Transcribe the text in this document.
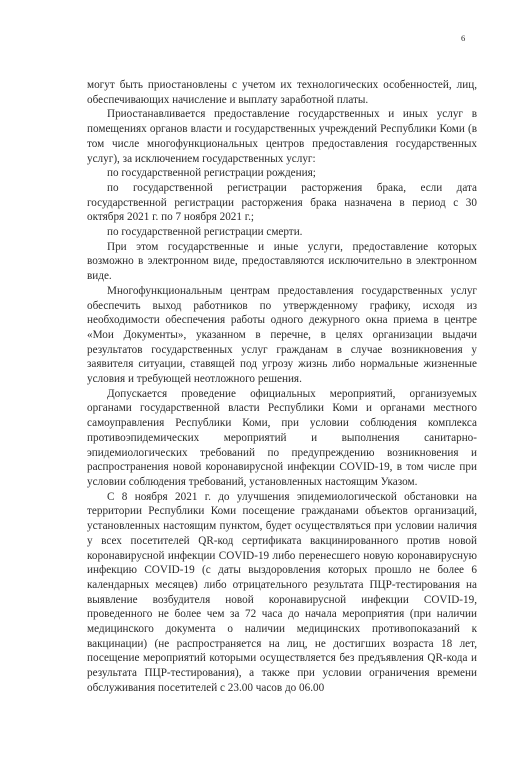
6

могут быть приостановлены с учетом их технологических особенностей, лиц, обеспечивающих начисление и выплату заработной платы.

Приостанавливается предоставление государственных и иных услуг в помещениях органов власти и государственных учреждений Республики Коми (в том числе многофункциональных центров предоставления государственных услуг), за исключением государственных услуг:

по государственной регистрации рождения;

по государственной регистрации расторжения брака, если дата государственной регистрации расторжения брака назначена в период с 30 октября 2021 г. по 7 ноября 2021 г.;

по государственной регистрации смерти.

При этом государственные и иные услуги, предоставление которых возможно в электронном виде, предоставляются исключительно в электронном виде.

Многофункциональным центрам предоставления государственных услуг обеспечить выход работников по утвержденному графику, исходя из необходимости обеспечения работы одного дежурного окна приема в центре «Мои Документы», указанном в перечне, в целях организации выдачи результатов государственных услуг гражданам в случае возникновения у заявителя ситуации, ставящей под угрозу жизнь либо нормальные жизненные условия и требующей неотложного решения.

Допускается проведение официальных мероприятий, организуемых органами государственной власти Республики Коми и органами местного самоуправления Республики Коми, при условии соблюдения комплекса противоэпидемических мероприятий и выполнения санитарно-эпидемиологических требований по предупреждению возникновения и распространения новой коронавирусной инфекции COVID-19, в том числе при условии соблюдения требований, установленных настоящим Указом.

С 8 ноября 2021 г. до улучшения эпидемиологической обстановки на территории Республики Коми посещение гражданами объектов организаций, установленных настоящим пунктом, будет осуществляться при условии наличия у всех посетителей QR-код сертификата вакцинированного против новой коронавирусной инфекции COVID-19 либо перенесшего новую коронавирусную инфекцию COVID-19 (с даты выздоровления которых прошло не более 6 календарных месяцев) либо отрицательного результата ПЦР-тестирования на выявление возбудителя новой коронавирусной инфекции COVID-19, проведенного не более чем за 72 часа до начала мероприятия (при наличии медицинского документа о наличии медицинских противопоказаний к вакцинации) (не распространяется на лиц, не достигших возраста 18 лет, посещение мероприятий которыми осуществляется без предъявления QR-кода и результата ПЦР-тестирования), а также при условии ограничения времени обслуживания посетителей с 23.00 часов до 06.00
